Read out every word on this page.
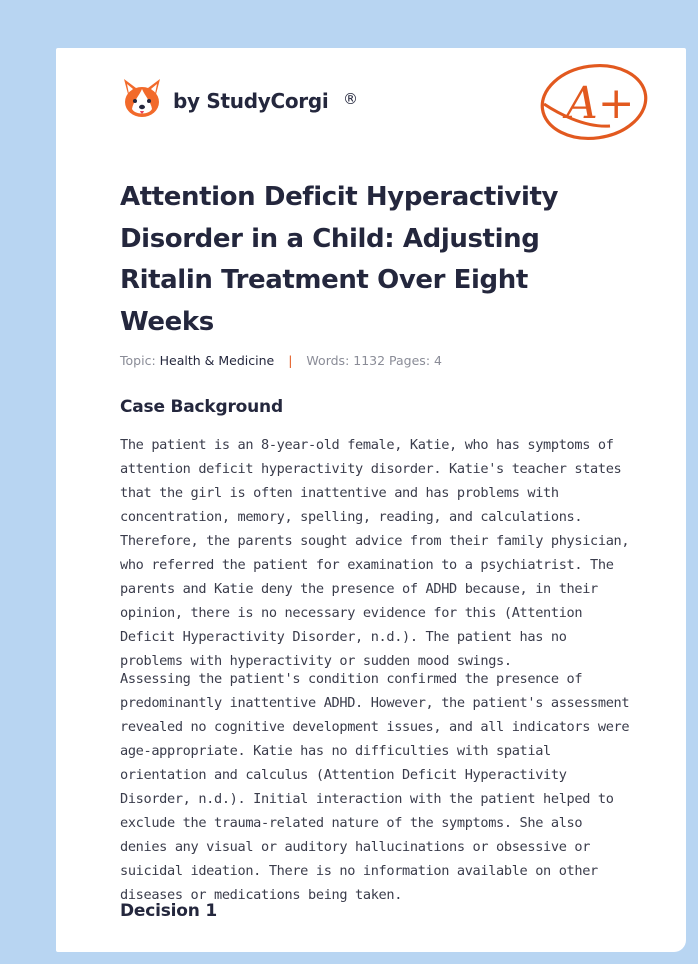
by StudyCorgi ®	A+
Attention Deficit Hyperactivity Disorder in a Child: Adjusting Ritalin Treatment Over Eight Weeks
Topic: Health & Medicine | Words: 1132 Pages: 4
Case Background

The patient is an 8-year-old female, Katie, who has symptoms of attention deficit hyperactivity disorder. Katie's teacher states that the girl is often inattentive and has problems with concentration, memory, spelling, reading, and calculations. Therefore, the parents sought advice from their family physician, who referred the patient for examination to a psychiatrist. The parents and Katie deny the presence of ADHD because, in their opinion, there is no necessary evidence for this (Attention Deficit Hyperactivity Disorder, n.d.). The patient has no problems with hyperactivity or sudden mood swings.

Assessing the patient's condition confirmed the presence of predominantly inattentive ADHD. However, the patient's assessment revealed no cognitive development issues, and all indicators were age-appropriate. Katie has no difficulties with spatial orientation and calculus (Attention Deficit Hyperactivity Disorder, n.d.). Initial interaction with the patient helped to exclude the trauma-related nature of the symptoms. She also denies any visual or auditory hallucinations or obsessive or suicidal ideation. There is no information available on other diseases or medications being taken.

Decision 1
